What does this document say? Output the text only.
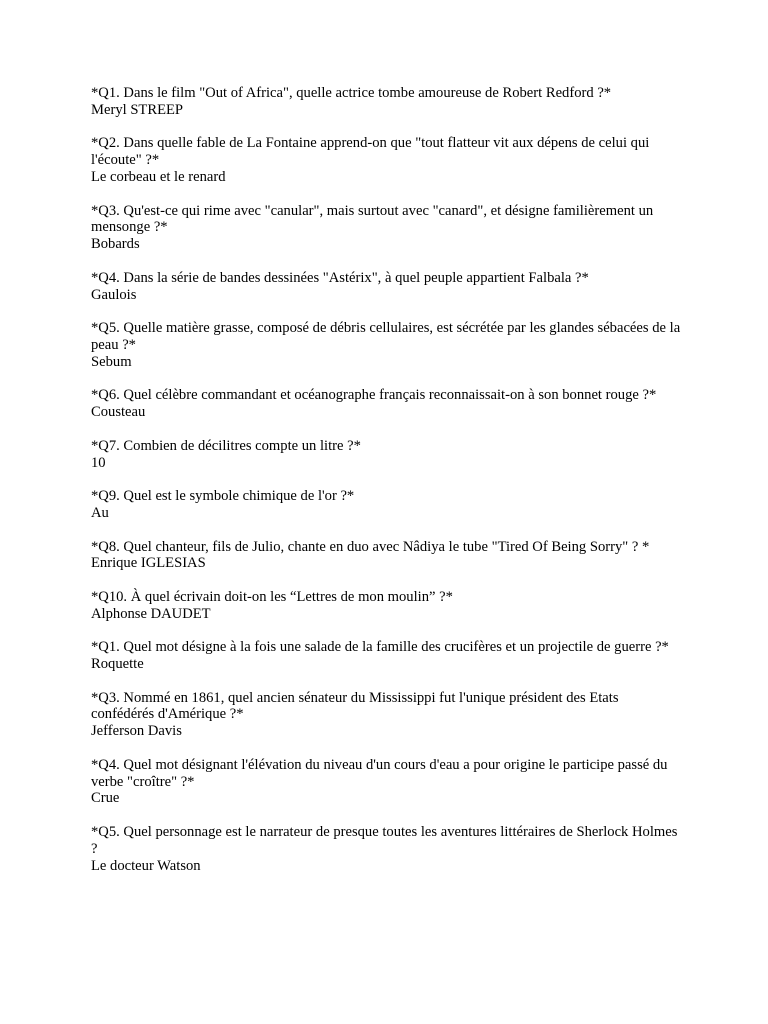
*Q1. Dans le film "Out of Africa", quelle actrice tombe amoureuse de Robert Redford ?*
Meryl STREEP
*Q2. Dans quelle fable de La Fontaine apprend-on que "tout flatteur vit aux dépens de celui qui l'écoute" ?*
Le corbeau et le renard
*Q3. Qu'est-ce qui rime avec "canular", mais surtout avec "canard", et désigne familièrement un mensonge ?*
Bobards
*Q4. Dans la série de bandes dessinées "Astérix", à quel peuple appartient Falbala ?*
Gaulois
*Q5. Quelle matière grasse, composé de débris cellulaires, est sécrétée par les glandes sébacées de la peau ?*
Sebum
*Q6. Quel célèbre commandant et océanographe français reconnaissait-on à son bonnet rouge ?*
Cousteau
*Q7. Combien de décilitres compte un litre ?*
10
*Q9. Quel est le symbole chimique de l'or ?*
Au
*Q8. Quel chanteur, fils de Julio, chante en duo avec Nâdiya le tube "Tired Of Being Sorry" ? *
Enrique IGLESIAS
*Q10. À quel écrivain doit-on les “Lettres de mon moulin” ?*
Alphonse DAUDET
*Q1. Quel mot désigne à la fois une salade de la famille des crucifères et un projectile de guerre ?*
Roquette
*Q3. Nommé en 1861, quel ancien sénateur du Mississippi fut l'unique président des Etats confédérés d'Amérique ?*
Jefferson Davis
*Q4. Quel mot désignant l'élévation du niveau d'un cours d'eau a pour origine le participe passé du verbe "croître" ?*
Crue
*Q5. Quel personnage est le narrateur de presque toutes les aventures littéraires de Sherlock Holmes ?
Le docteur Watson
